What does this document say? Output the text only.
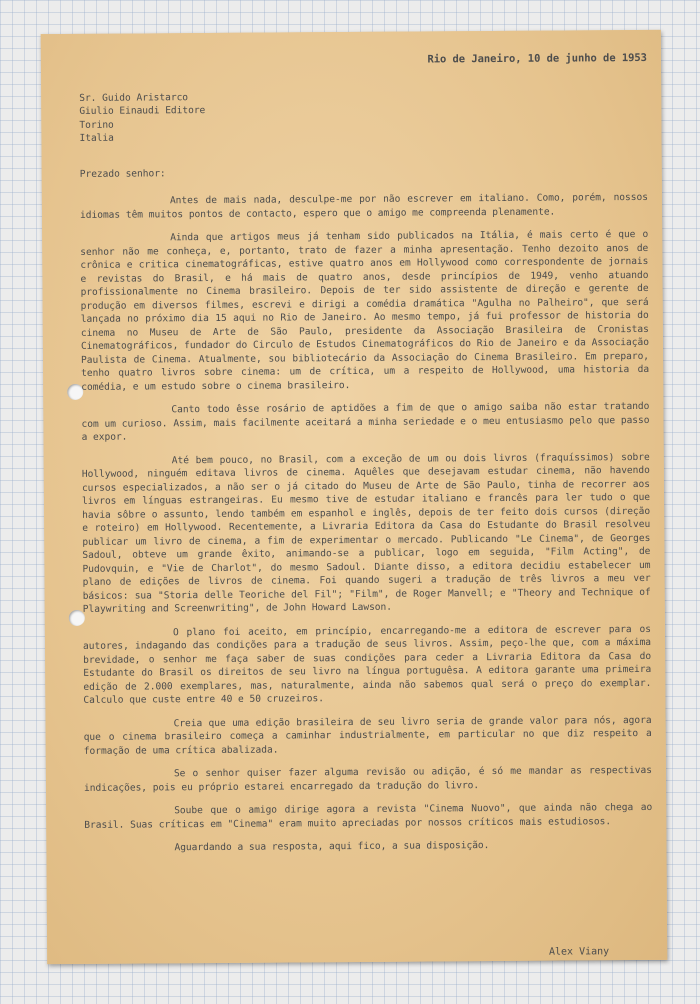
Rio de Janeiro, 10 de junho de 1953
Sr. Guido Aristarco
Giulio Einaudi Editore
Torino
Italia
Prezado senhor:

Antes de mais nada, desculpe-me por não escrever em italiano. Como, porém, nossos idiomas têm muitos pontos de contacto, espero que o amigo me compreenda plenamente.

Ainda que artigos meus já tenham sido publicados na Itália, é mais certo é que o senhor não me conheça, e, portanto, trato de fazer a minha apresentação. Tenho dezoito anos de crônica e critica cinematográficas, estive quatro anos em Hollywood como correspondente de jornais e revistas do Brasil, e há mais de quatro anos, desde princípios de 1949, venho atuando profissionalmente no Cinema brasileiro. Depois de ter sido assistente de direção e gerente de produção em diversos filmes, escrevi e dirigi a comédia dramática "Agulha no Palheiro", que será lançada no próximo dia 15 aqui no Rio de Janeiro. Ao mesmo tempo, já fui professor de historia do cinema no Museu de Arte de São Paulo, presidente da Associação Brasileira de Cronistas Cinematográficos, fundador do Circulo de Estudos Cinematográficos do Rio de Janeiro e da Associação Paulista de Cinema. Atualmente, sou bibliotecário da Associação do Cinema Brasileiro. Em preparo, tenho quatro livros sobre cinema: um de crítica, um a respeito de Hollywood, uma historia da comédia, e um estudo sobre o cinema brasileiro.

Canto todo êsse rosário de aptidões a fim de que o amigo saiba não estar tratando com um curioso. Assim, mais facilmente aceitará a minha seriedade e o meu entusiasmo pelo que passo a expor.

Até bem pouco, no Brasil, com a exceção de um ou dois livros (fraquíssimos) sobre Hollywood, ninguém editava livros de cinema. Aquêles que desejavam estudar cinema, não havendo cursos especializados, a não ser o já citado do Museu de Arte de São Paulo, tinha de recorrer aos livros em línguas estrangeiras. Eu mesmo tive de estudar italiano e francês para ler tudo o que havia sôbre o assunto, lendo também em espanhol e inglês, depois de ter feito dois cursos (direção e roteiro) em Hollywood. Recentemente, a Livraria Editora da Casa do Estudante do Brasil resolveu publicar um livro de cinema, a fim de experimentar o mercado. Publicando "Le Cinema", de Georges Sadoul, obteve um grande êxito, animando-se a publicar, logo em seguida, "Film Acting", de Pudovquin, e "Vie de Charlot", do mesmo Sadoul. Diante disso, a editora decidiu estabelecer um plano de edições de livros de cinema. Foi quando sugeri a tradução de três livros a meu ver básicos: sua "Storia delle Teoriche del Fil"; "Film", de Roger Manvell; e "Theory and Technique of Playwriting and Screenwriting", de John Howard Lawson.

O plano foi aceito, em princípio, encarregando-me a editora de escrever para os autores, indagando das condições para a tradução de seus livros. Assim, peço-lhe que, com a máxima brevidade, o senhor me faça saber de suas condições para ceder a Livraria Editora da Casa do Estudante do Brasil os direitos de seu livro na língua portuguêsa. A editora garante uma primeira edição de 2.000 exemplares, mas, naturalmente, ainda não sabemos qual será o preço do exemplar. Calculo que custe entre 40 e 50 cruzeiros.

Creia que uma edição brasileira de seu livro seria de grande valor para nós, agora que o cinema brasileiro começa a caminhar industrialmente, em particular no que diz respeito a formação de uma crítica abalizada.

Se o senhor quiser fazer alguma revisão ou adição, é só me mandar as respectivas indicações, pois eu próprio estarei encarregado da tradução do livro.

Soube que o amigo dirige agora a revista "Cinema Nuovo", que ainda não chega ao Brasil. Suas críticas em "Cinema" eram muito apreciadas por nossos críticos mais estudiosos.

Aguardando a sua resposta, aqui fico, a sua disposição.
Alex Viany
